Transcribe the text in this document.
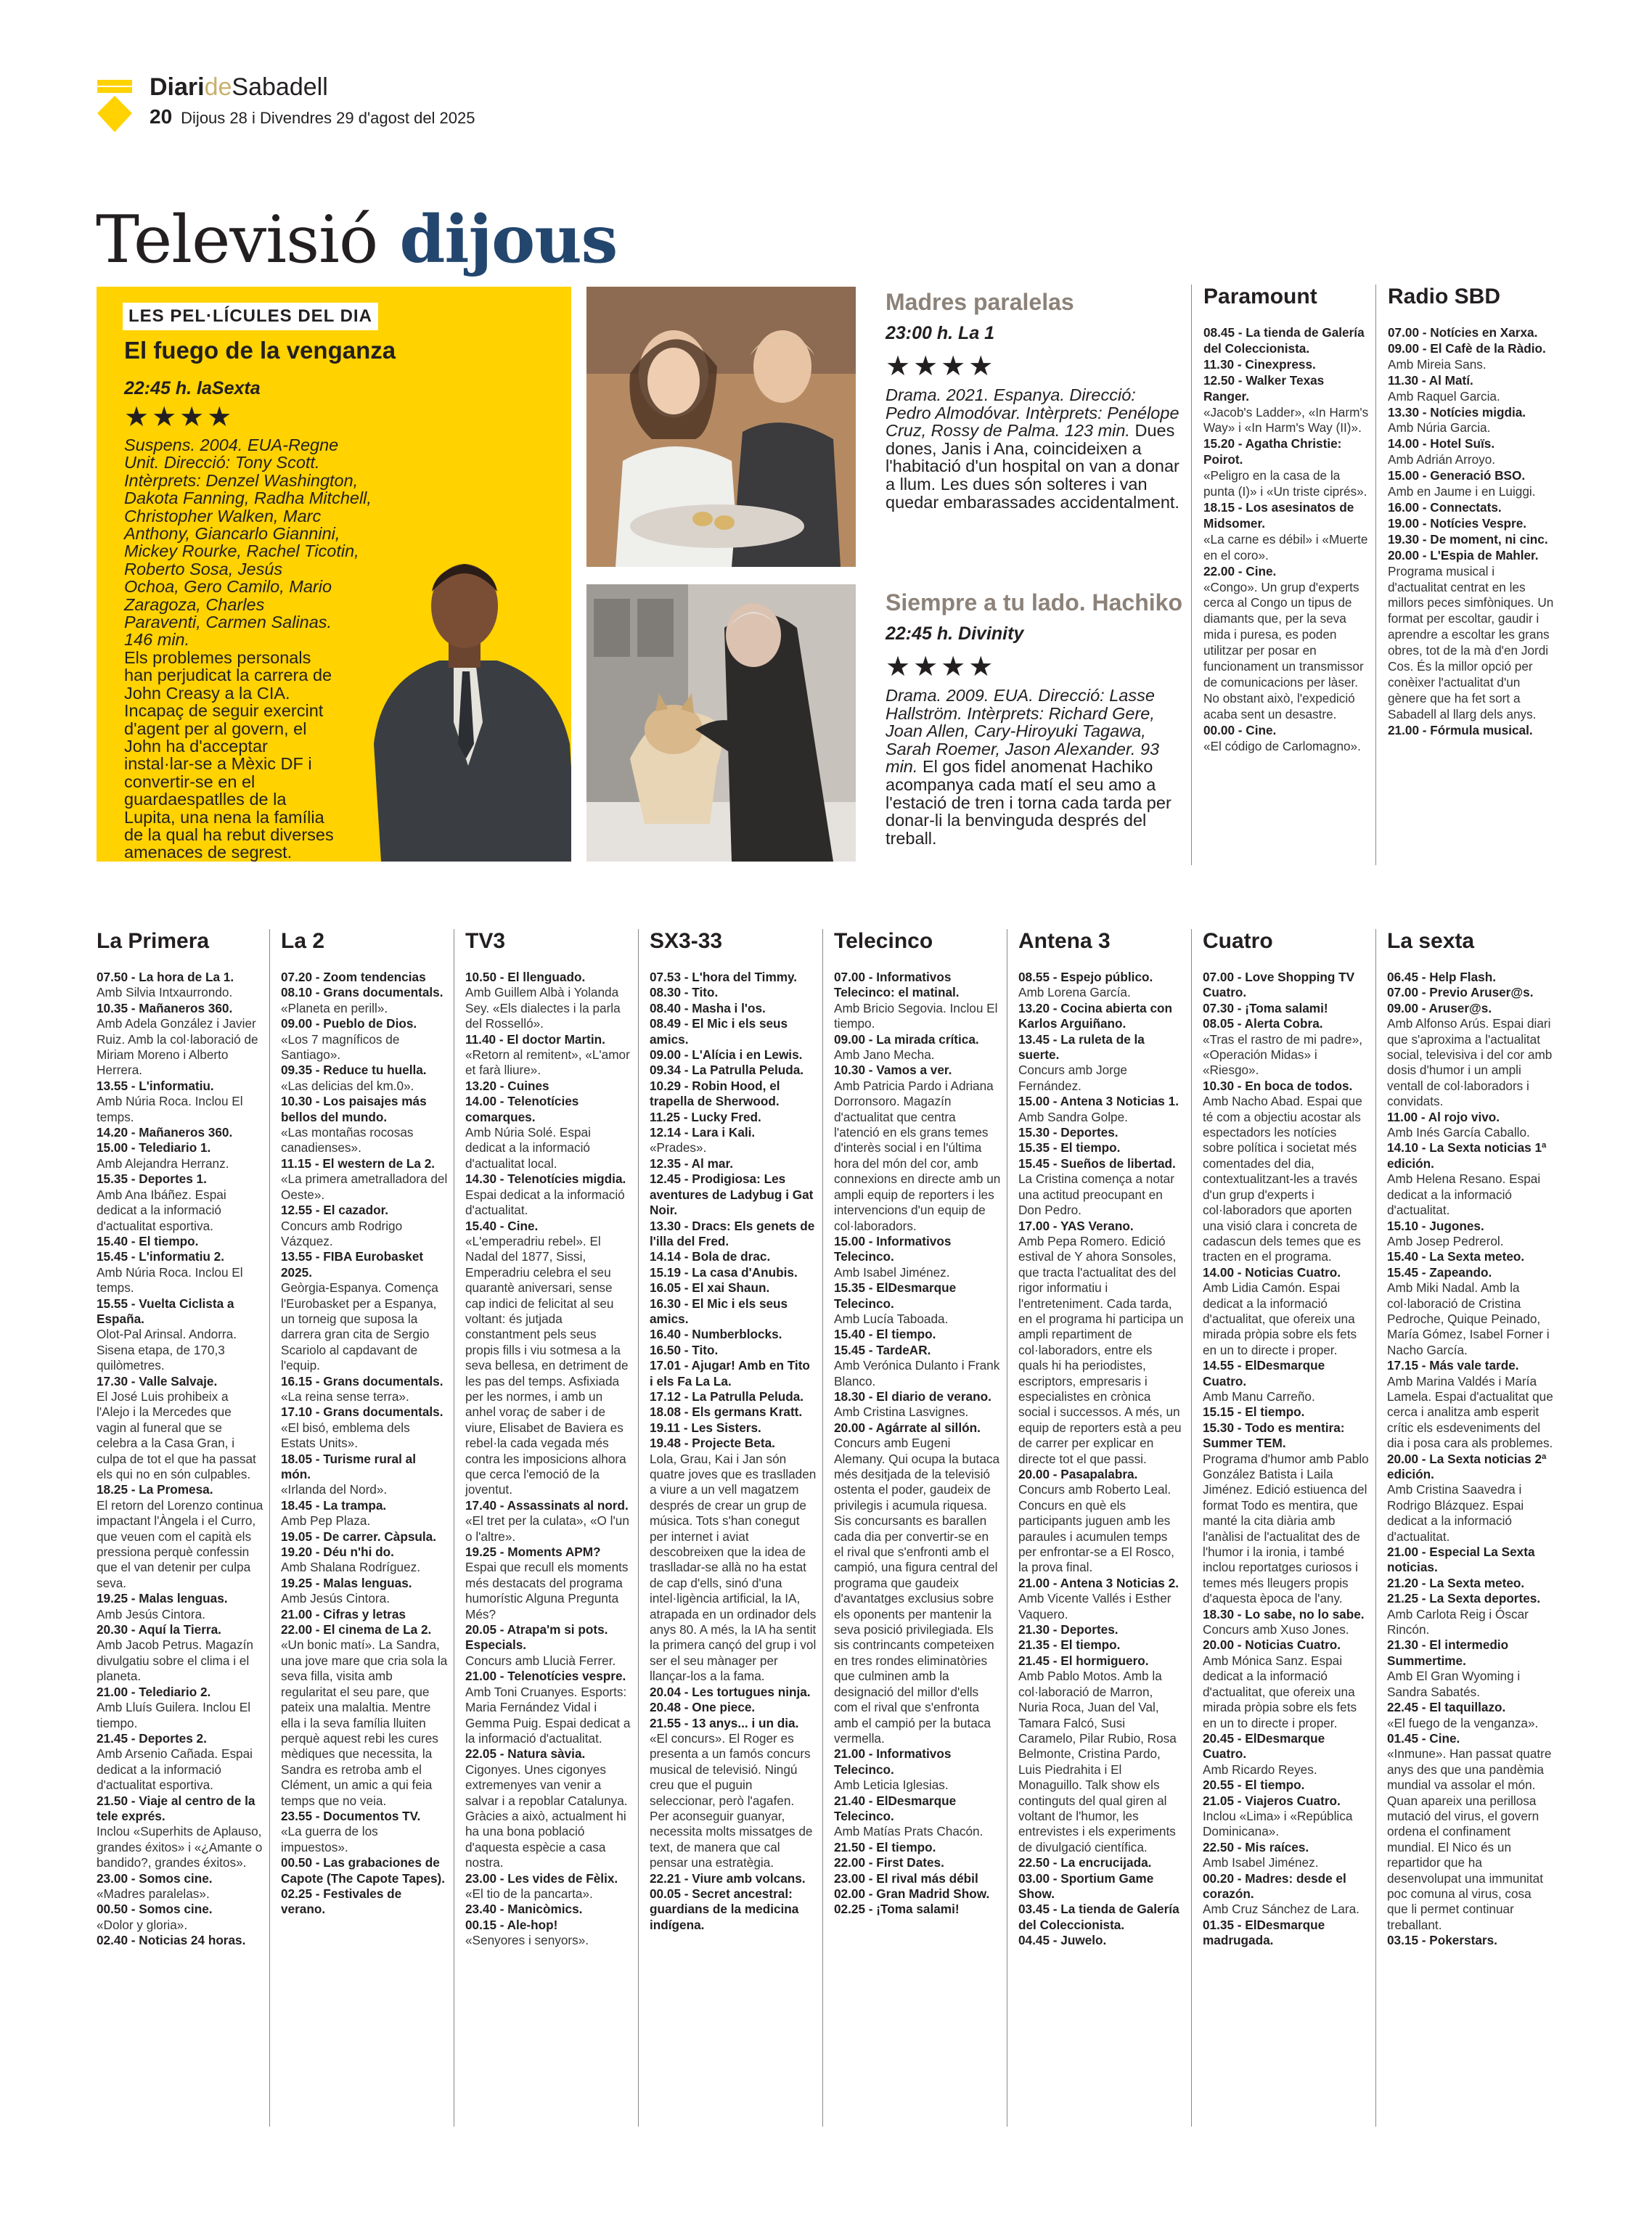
DiarideSabadell
20 Dijous 28 i Divendres 29 d'agost del 2025
Televisió dijous
LES PEL·LÍCULES DEL DIA
El fuego de la venganza
22:45 h. laSexta
★★★★
Suspens. 2004. EUA-Regne Unit. Direcció: Tony Scott. Intèrprets: Denzel Washington, Dakota Fanning, Radha Mitchell, Christopher Walken, Marc Anthony, Giancarlo Giannini, Mickey Rourke, Rachel Ticotin, Roberto Sosa, Jesús Ochoa, Gero Camilo, Mario Zaragoza, Charles Paraventi, Carmen Salinas. 146 min.
Els problemes personals han perjudicat la carrera de John Creasy a la CIA. Incapaç de seguir exercint d'agent per al govern, el John ha d'acceptar instal·lar-se a Mèxic DF i convertir-se en el guardaespatlles de la Lupita, una nena la família de la qual ha rebut diverses amenaces de segrest.
Madres paralelas
23:00 h. La 1
★★★★
Drama. 2021. Espanya. Direcció: Pedro Almodóvar. Intèrprets: Penélope Cruz, Rossy de Palma. 123 min. Dues dones, Janis i Ana, coincideixen a l'habitació d'un hospital on van a donar a llum. Les dues són solteres i van quedar embarassades accidentalment.
Siempre a tu lado. Hachiko
22:45 h. Divinity
★★★★
Drama. 2009. EUA. Direcció: Lasse Hallström. Intèrprets: Richard Gere, Joan Allen, Cary-Hiroyuki Tagawa, Sarah Roemer, Jason Alexander. 93 min. El gos fidel anomenat Hachiko acompanya cada matí el seu amo a l'estació de tren i torna cada tarda per donar-li la benvinguda després del treball.
Paramount

08.45 - La tienda de Galería del Coleccionista.

11.30 - Cinexpress.

12.50 - Walker Texas Ranger.
«Jacob's Ladder», «In Harm's Way» i «In Harm's Way (II)».

15.20 - Agatha Christie: Poirot.
«Peligro en la casa de la punta (I)» i «Un triste ciprés».

18.15 - Los asesinatos de Midsomer.
«La carne es débil» i «Muerte en el coro».

22.00 - Cine.
«Congo». Un grup d'experts cerca al Congo un tipus de diamants que, per la seva mida i puresa, es poden utilitzar per posar en funcionament un transmissor de comunicacions per làser. No obstant això, l'expedició acaba sent un desastre.

00.00 - Cine.
«El código de Carlomagno».

Radio SBD

07.00 - Notícies en Xarxa.

09.00 - El Cafè de la Ràdio.
Amb Mireia Sans.

11.30 - Al Matí.
Amb Raquel Garcia.

13.30 - Notícies migdia.
Amb Núria Garcia.

14.00 - Hotel Suïs.
Amb Adrián Arroyo.

15.00 - Generació BSO.
Amb en Jaume i en Luiggi.

16.00 - Connectats.

19.00 - Notícies Vespre.

19.30 - De moment, ni cinc.

20.00 - L'Espia de Mahler.
Programa musical i d'actualitat centrat en les millors peces simfòniques. Un format per escoltar, gaudir i aprendre a escoltar les grans obres, tot de la mà d'en Jordi Cos. És la millor opció per conèixer l'actualitat d'un gènere que ha fet sort a Sabadell al llarg dels anys.

21.00 - Fórmula musical.

La Primera

07.50 - La hora de La 1.
Amb Silvia Intxaurrondo.

10.35 - Mañaneros 360.
Amb Adela González i Javier Ruiz. Amb la col·laboració de Miriam Moreno i Alberto Herrera.

13.55 - L'informatiu.
Amb Núria Roca. Inclou El temps.

14.20 - Mañaneros 360.

15.00 - Telediario 1.
Amb Alejandra Herranz.

15.35 - Deportes 1.
Amb Ana Ibáñez. Espai dedicat a la informació d'actualitat esportiva.

15.40 - El tiempo.

15.45 - L'informatiu 2.
Amb Núria Roca. Inclou El temps.

15.55 - Vuelta Ciclista a España.
Olot-Pal Arinsal. Andorra. Sisena etapa, de 170,3 quilòmetres.

17.30 - Valle Salvaje.
El José Luis prohibeix a l'Alejo i la Mercedes que vagin al funeral que se celebra a la Casa Gran, i culpa de tot el que ha passat els qui no en són culpables.

18.25 - La Promesa.
El retorn del Lorenzo continua impactant l'Àngela i el Curro, que veuen com el capità els pressiona perquè confessin que el van detenir per culpa seva.

19.25 - Malas lenguas.
Amb Jesús Cintora.

20.30 - Aquí la Tierra.
Amb Jacob Petrus. Magazín divulgatiu sobre el clima i el planeta.

21.00 - Telediario 2.
Amb Lluís Guilera. Inclou El tiempo.

21.45 - Deportes 2.
Amb Arsenio Cañada. Espai dedicat a la informació d'actualitat esportiva.

21.50 - Viaje al centro de la tele exprés.
Inclou «Superhits de Aplauso, grandes éxitos» i «¿Amante o bandido?, grandes éxitos».

23.00 - Somos cine.
«Madres paralelas».

00.50 - Somos cine.
«Dolor y gloria».

02.40 - Noticias 24 horas.

La 2

07.20 - Zoom tendencias

08.10 - Grans documentals.
«Planeta en perill».

09.00 - Pueblo de Dios.
«Los 7 magníficos de Santiago».

09.35 - Reduce tu huella.
«Las delicias del km.0».

10.30 - Los paisajes más bellos del mundo.
«Las montañas rocosas canadienses».

11.15 - El western de La 2.
«La primera ametralladora del Oeste».

12.55 - El cazador.
Concurs amb Rodrigo Vázquez.

13.55 - FIBA Eurobasket 2025.
Geòrgia-Espanya. Comença l'Eurobasket per a Espanya, un torneig que suposa la darrera gran cita de Sergio Scariolo al capdavant de l'equip.

16.15 - Grans documentals.
«La reina sense terra».

17.10 - Grans documentals.
«El bisó, emblema dels Estats Units».

18.05 - Turisme rural al món.
«Irlanda del Nord».

18.45 - La trampa.
Amb Pep Plaza.

19.05 - De carrer. Càpsula.

19.20 - Déu n'hi do.
Amb Shalana Rodríguez.

19.25 - Malas lenguas.
Amb Jesús Cintora.

21.00 - Cifras y letras

22.00 - El cinema de La 2.
«Un bonic matí». La Sandra, una jove mare que cria sola la seva filla, visita amb regularitat el seu pare, que pateix una malaltia. Mentre ella i la seva família lluiten perquè aquest rebi les cures mèdiques que necessita, la Sandra es retroba amb el Clément, un amic a qui feia temps que no veia.

23.55 - Documentos TV.
«La guerra de los impuestos».

00.50 - Las grabaciones de Capote (The Capote Tapes).

02.25 - Festivales de verano.

TV3

10.50 - El llenguado.
Amb Guillem Albà i Yolanda Sey. «Els dialectes i la parla del Rosselló».

11.40 - El doctor Martin.
«Retorn al remitent», «L'amor et farà lliure».

13.20 - Cuines

14.00 - Telenotícies comarques.
Amb Núria Solé. Espai dedicat a la informació d'actualitat local.

14.30 - Telenotícies migdia.
Espai dedicat a la informació d'actualitat.

15.40 - Cine.
«L'emperadriu rebel». El Nadal del 1877, Sissi, Emperadriu celebra el seu quarantè aniversari, sense cap indici de felicitat al seu voltant: és jutjada constantment pels seus propis fills i viu sotmesa a la seva bellesa, en detriment de les pas del temps. Asfixiada per les normes, i amb un anhel voraç de saber i de viure, Elisabet de Baviera es rebel·la cada vegada més contra les imposicions alhora que cerca l'emoció de la joventut.

17.40 - Assassinats al nord.
«El tret per la culata», «O l'un o l'altre».

19.25 - Moments APM?
Espai que recull els moments més destacats del programa humorístic Alguna Pregunta Més?

20.05 - Atrapa'm si pots. Especials.
Concurs amb Llucià Ferrer.

21.00 - Telenotícies vespre.
Amb Toni Cruanyes. Esports: Maria Fernández Vidal i Gemma Puig. Espai dedicat a la informació d'actualitat.

22.05 - Natura sàvia.
Cigonyes. Unes cigonyes extremenyes van venir a salvar i a repoblar Catalunya. Gràcies a això, actualment hi ha una bona població d'aquesta espècie a casa nostra.

23.00 - Les vides de Fèlix.
«El tio de la pancarta».

23.40 - Manicòmics.

00.15 - Ale-hop!
«Senyores i senyors».

SX3-33

07.53 - L'hora del Timmy.

08.30 - Tito.

08.40 - Masha i l'os.

08.49 - El Mic i els seus amics.

09.00 - L'Alícia i en Lewis.

09.34 - La Patrulla Peluda.

10.29 - Robin Hood, el trapella de Sherwood.

11.25 - Lucky Fred.

12.14 - Lara i Kali.
«Prades».

12.35 - Al mar.

12.45 - Prodigiosa: Les aventures de Ladybug i Gat Noir.

13.30 - Dracs: Els genets de l'illa del Fred.

14.14 - Bola de drac.

15.19 - La casa d'Anubis.

16.05 - El xai Shaun.

16.30 - El Mic i els seus amics.

16.40 - Numberblocks.

16.50 - Tito.

17.01 - Ajugar! Amb en Tito i els Fa La La.

17.12 - La Patrulla Peluda.

18.08 - Els germans Kratt.

19.11 - Les Sisters.

19.48 - Projecte Beta.
Lola, Grau, Kai i Jan són quatre joves que es traslladen a viure a un vell magatzem després de crear un grup de música. Tots s'han conegut per internet i aviat descobreixen que la idea de traslladar-se allà no ha estat de cap d'ells, sinó d'una intel·ligència artificial, la IA, atrapada en un ordinador dels anys 80. A més, la IA ha sentit la primera cançó del grup i vol ser el seu mànager per llançar-los a la fama.

20.04 - Les tortugues ninja.

20.48 - One piece.

21.55 - 13 anys... i un dia.
«El concurs». El Roger es presenta a un famós concurs musical de televisió. Ningú creu que el puguin seleccionar, però l'agafen. Per aconseguir guanyar, necessita molts missatges de text, de manera que cal pensar una estratègia.

22.21 - Viure amb volcans.

00.05 - Secret ancestral: guardians de la medicina indígena.

Telecinco

07.00 - Informativos Telecinco: el matinal.
Amb Bricio Segovia. Inclou El tiempo.

09.00 - La mirada crítica.
Amb Jano Mecha.

10.30 - Vamos a ver.
Amb Patricia Pardo i Adriana Dorronsoro. Magazín d'actualitat que centra l'atenció en els grans temes d'interès social i en l'última hora del món del cor, amb connexions en directe amb un ampli equip de reporters i les intervencions d'un equip de col·laboradors.

15.00 - Informativos Telecinco.
Amb Isabel Jiménez.

15.35 - ElDesmarque Telecinco.
Amb Lucía Taboada.

15.40 - El tiempo.

15.45 - TardeAR.
Amb Verónica Dulanto i Frank Blanco.

18.30 - El diario de verano.
Amb Cristina Lasvignes.

20.00 - Agárrate al sillón.
Concurs amb Eugeni Alemany. Qui ocupa la butaca més desitjada de la televisió ostenta el poder, gaudeix de privilegis i acumula riquesa. Sis concursants es barallen cada dia per convertir-se en el rival que s'enfronti amb el campió, una figura central del programa que gaudeix d'avantatges exclusius sobre els oponents per mantenir la seva posició privilegiada. Els sis contrincants competeixen en tres rondes eliminatòries que culminen amb la designació del millor d'ells com el rival que s'enfronta amb el campió per la butaca vermella.

21.00 - Informativos Telecinco.
Amb Leticia Iglesias.

21.40 - ElDesmarque Telecinco.
Amb Matías Prats Chacón.

21.50 - El tiempo.

22.00 - First Dates.

23.00 - El rival más débil

02.00 - Gran Madrid Show.

02.25 - ¡Toma salami!

Antena 3

08.55 - Espejo público.
Amb Lorena García.

13.20 - Cocina abierta con Karlos Arguiñano.

13.45 - La ruleta de la suerte.
Concurs amb Jorge Fernández.

15.00 - Antena 3 Noticias 1.
Amb Sandra Golpe.

15.30 - Deportes.

15.35 - El tiempo.

15.45 - Sueños de libertad.
La Cristina comença a notar una actitud preocupant en Don Pedro.

17.00 - YAS Verano.
Amb Pepa Romero. Edició estival de Y ahora Sonsoles, que tracta l'actualitat des del rigor informatiu i l'entreteniment. Cada tarda, en el programa hi participa un ampli repartiment de col·laboradors, entre els quals hi ha periodistes, escriptors, empresaris i especialistes en crònica social i successos. A més, un equip de reporters està a peu de carrer per explicar en directe tot el que passi.

20.00 - Pasapalabra.
Concurs amb Roberto Leal. Concurs en què els participants juguen amb les paraules i acumulen temps per enfrontar-se a El Rosco, la prova final.

21.00 - Antena 3 Noticias 2.
Amb Vicente Vallés i Esther Vaquero.

21.30 - Deportes.

21.35 - El tiempo.

21.45 - El hormiguero.
Amb Pablo Motos. Amb la col·laboració de Marron, Nuria Roca, Juan del Val, Tamara Falcó, Susi Caramelo, Pilar Rubio, Rosa Belmonte, Cristina Pardo, Luis Piedrahita i El Monaguillo. Talk show els continguts del qual giren al voltant de l'humor, les entrevistes i els experiments de divulgació científica.

22.50 - La encrucijada.

03.00 - Sportium Game Show.

03.45 - La tienda de Galería del Coleccionista.

04.45 - Juwelo.

Cuatro

07.00 - Love Shopping TV Cuatro.

07.30 - ¡Toma salami!

08.05 - Alerta Cobra.
«Tras el rastro de mi padre», «Operación Midas» i «Riesgo».

10.30 - En boca de todos.
Amb Nacho Abad. Espai que té com a objectiu acostar als espectadors les notícies sobre política i societat més comentades del dia, contextualitzant-les a través d'un grup d'experts i col·laboradors que aporten una visió clara i concreta de cadascun dels temes que es tracten en el programa.

14.00 - Noticias Cuatro.
Amb Lidia Camón. Espai dedicat a la informació d'actualitat, que ofereix una mirada pròpia sobre els fets en un to directe i proper.

14.55 - ElDesmarque Cuatro.
Amb Manu Carreño.

15.15 - El tiempo.

15.30 - Todo es mentira: Summer TEM.
Programa d'humor amb Pablo González Batista i Laila Jiménez. Edició estiuenca del format Todo es mentira, que manté la cita diària amb l'anàlisi de l'actualitat des de l'humor i la ironia, i també inclou reportatges curiosos i temes més lleugers propis d'aquesta època de l'any.

18.30 - Lo sabe, no lo sabe.
Concurs amb Xuso Jones.

20.00 - Noticias Cuatro.
Amb Mónica Sanz. Espai dedicat a la informació d'actualitat, que ofereix una mirada pròpia sobre els fets en un to directe i proper.

20.45 - ElDesmarque Cuatro.
Amb Ricardo Reyes.

20.55 - El tiempo.

21.05 - Viajeros Cuatro.
Inclou «Lima» i «República Dominicana».

22.50 - Mis raíces.
Amb Isabel Jiménez.

00.20 - Madres: desde el corazón.
Amb Cruz Sánchez de Lara.

01.35 - ElDesmarque madrugada.

La sexta

06.45 - Help Flash.

07.00 - Previo Aruser@s.

09.00 - Aruser@s.
Amb Alfonso Arús. Espai diari que s'aproxima a l'actualitat social, televisiva i del cor amb dosis d'humor i un ampli ventall de col·laboradors i convidats.

11.00 - Al rojo vivo.
Amb Inés García Caballo.

14.10 - La Sexta noticias 1ª edición.
Amb Helena Resano. Espai dedicat a la informació d'actualitat.

15.10 - Jugones.
Amb Josep Pedrerol.

15.40 - La Sexta meteo.

15.45 - Zapeando.
Amb Miki Nadal. Amb la col·laboració de Cristina Pedroche, Quique Peinado, María Gómez, Isabel Forner i Nacho García.

17.15 - Más vale tarde.
Amb Marina Valdés i María Lamela. Espai d'actualitat que cerca i analitza amb esperit crític els esdeveniments del dia i posa cara als problemes.

20.00 - La Sexta noticias 2ª edición.
Amb Cristina Saavedra i Rodrigo Blázquez. Espai dedicat a la informació d'actualitat.

21.00 - Especial La Sexta noticias.

21.20 - La Sexta meteo.

21.25 - La Sexta deportes.
Amb Carlota Reig i Óscar Rincón.

21.30 - El intermedio Summertime.
Amb El Gran Wyoming i Sandra Sabatés.

22.45 - El taquillazo.
«El fuego de la venganza».

01.45 - Cine.
«Inmune». Han passat quatre anys des que una pandèmia mundial va assolar el món. Quan apareix una perillosa mutació del virus, el govern ordena el confinament mundial. El Nico és un repartidor que ha desenvolupat una immunitat poc comuna al virus, cosa que li permet continuar treballant.

03.15 - Pokerstars.
